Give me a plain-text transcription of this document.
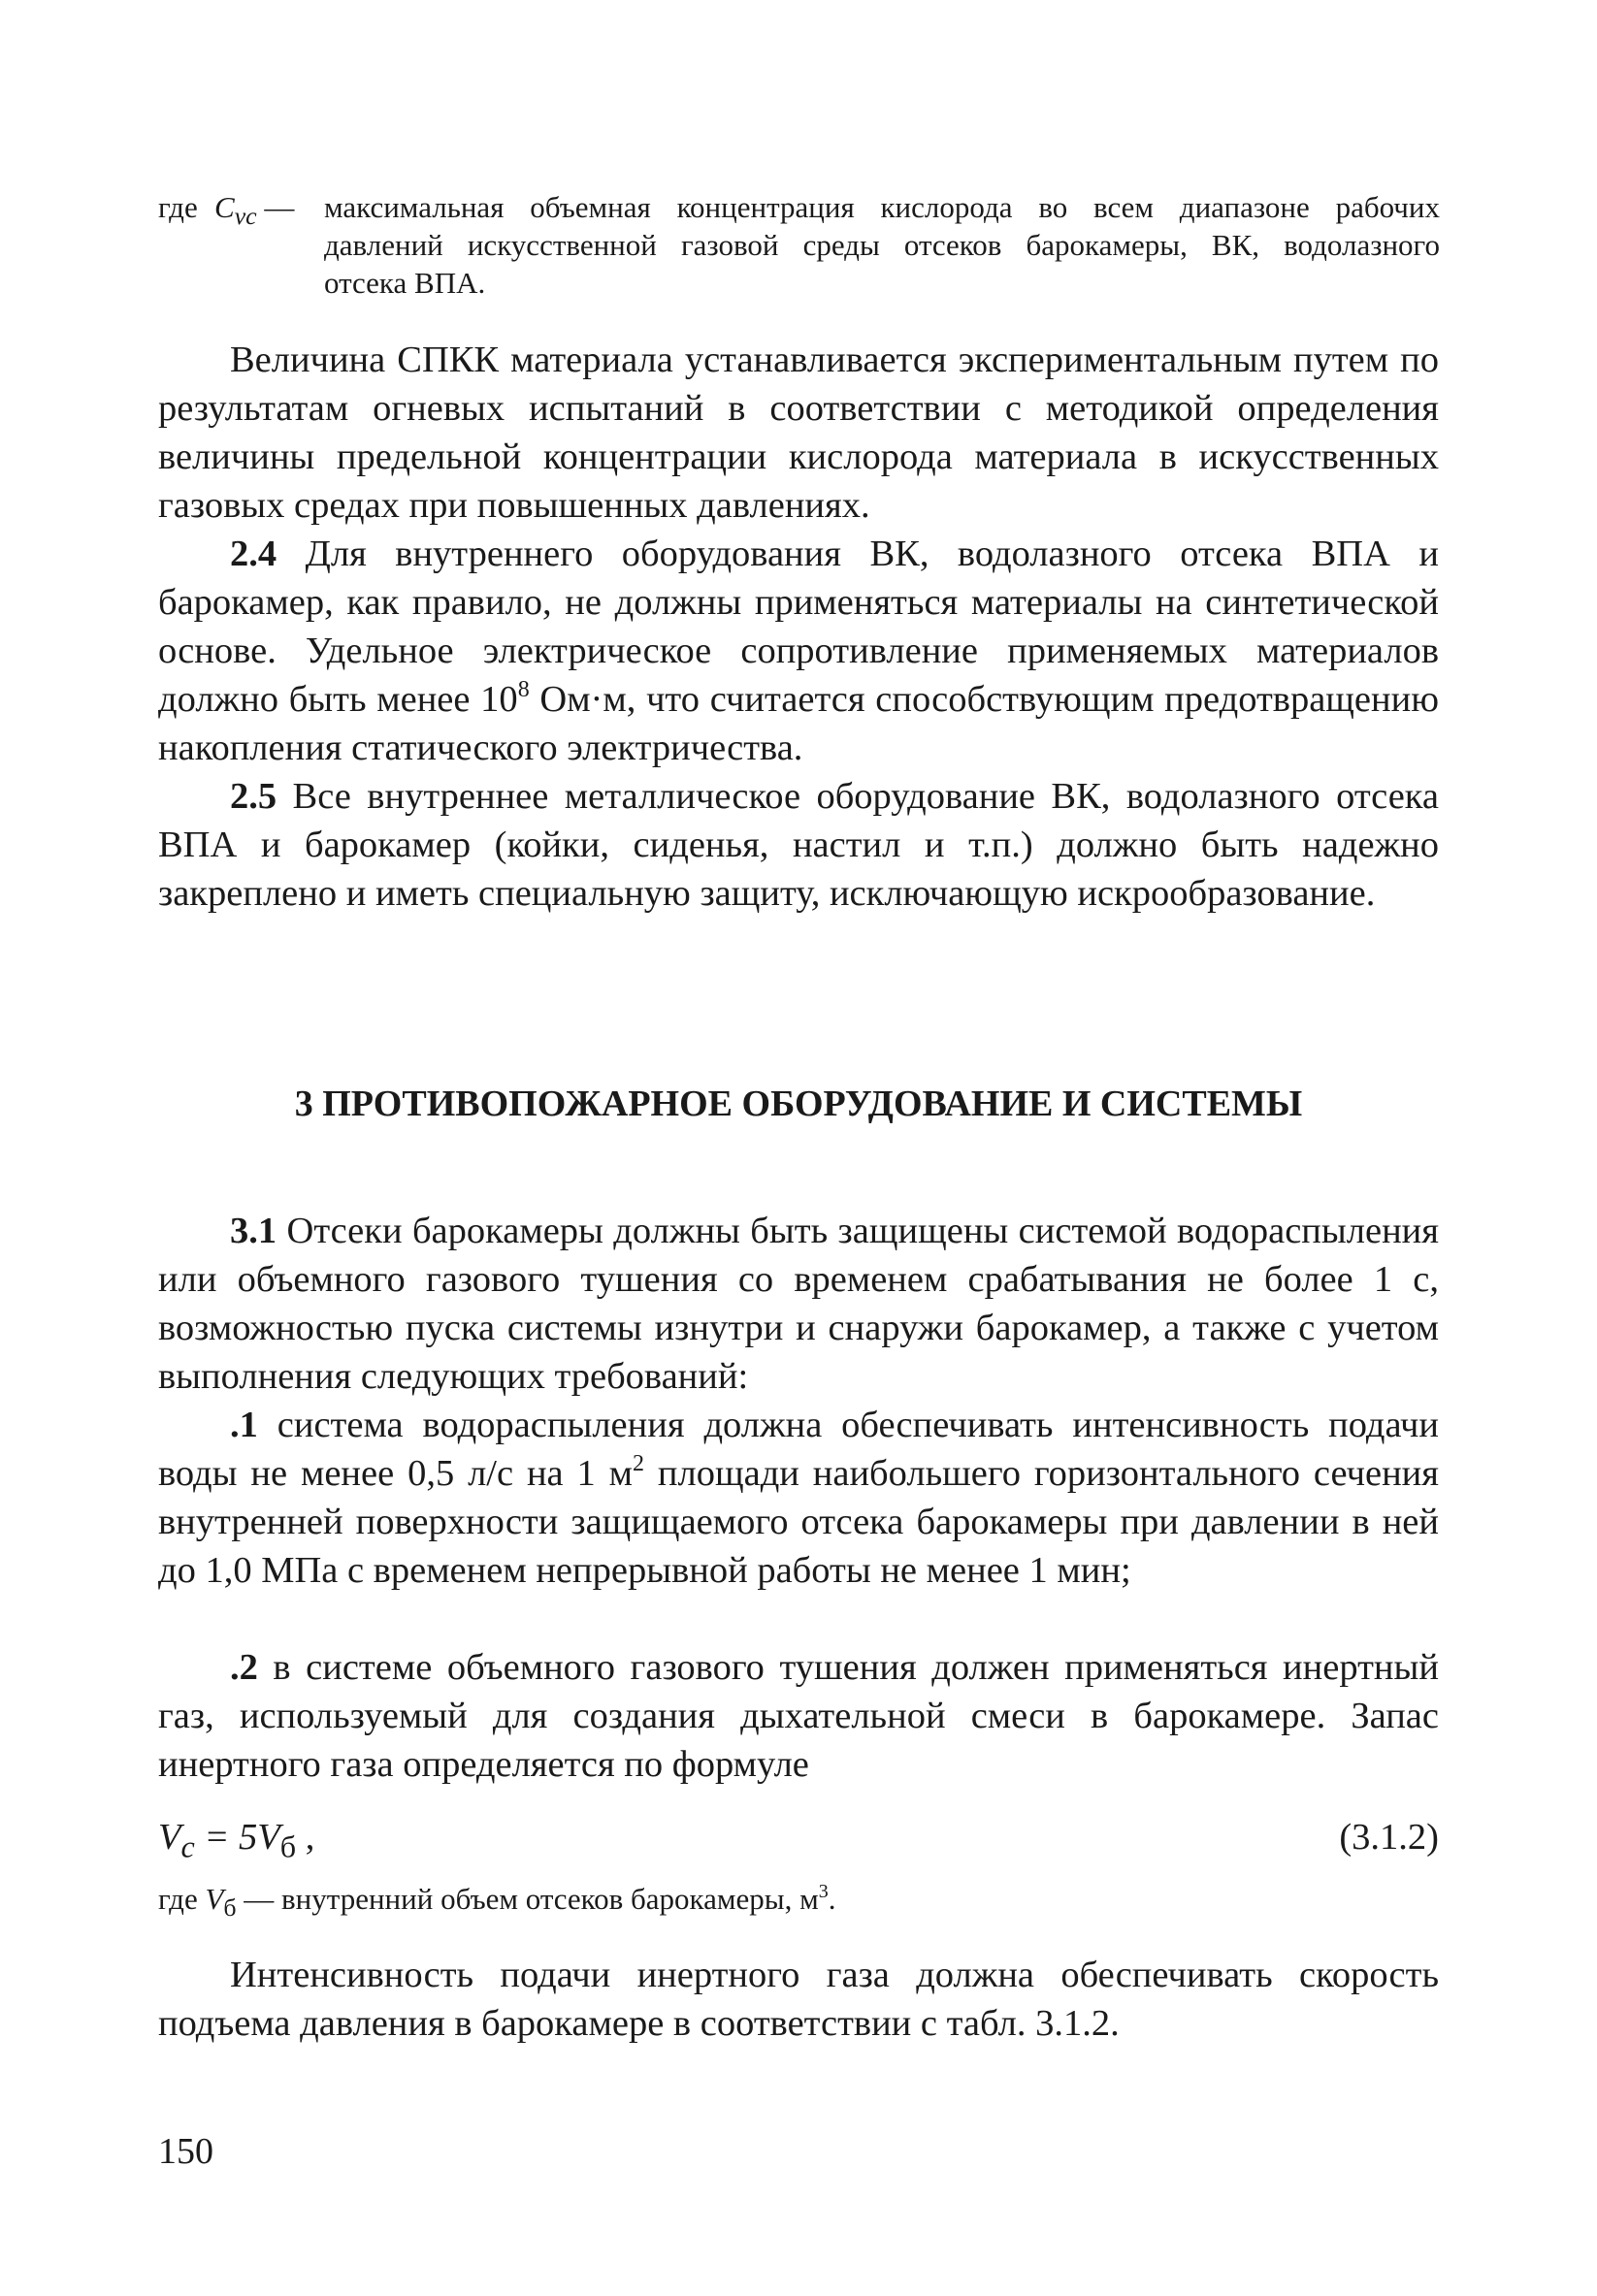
где $C_{vc}$ — максимальная объемная концентрация кислорода во всем диапазоне рабочих
давлений искусственной газовой среды отсеков барокамеры, ВК, водолазного
отсека ВПА.

Величина СПКК материала устанавливается экспериментальным путем по результатам огневых испытаний в соответствии с методикой определения величины предельной концентрации кислорода материала в искусственных газовых средах при повышенных давлениях.

2.4 Для внутреннего оборудования ВК, водолазного отсека ВПА и барокамер, как правило, не должны применяться материалы на синтетической основе. Удельное электрическое сопротивление применяемых материалов должно быть менее $10^8$ Ом·м, что считается способствующим предотвращению накопления статического электричества.

2.5 Все внутреннее металлическое оборудование ВК, водолазного отсека ВПА и барокамер (койки, сиденья, настил и т.п.) должно быть надежно закреплено и иметь специальную защиту, исключающую искрообразование.

3 ПРОТИВОПОЖАРНОЕ ОБОРУДОВАНИЕ И СИСТЕМЫ

3.1 Отсеки барокамеры должны быть защищены системой водораспыления или объемного газового тушения со временем срабатывания не более 1 с, возможностью пуска системы изнутри и снаружи барокамер, а также с учетом выполнения следующих требований:

.1 система водораспыления должна обеспечивать интенсивность подачи воды не менее 0,5 л/с на 1 $м^2$ площади наибольшего горизонтального сечения внутренней поверхности защищаемого отсека барокамеры при давлении в ней до 1,0 МПа с временем непрерывной работы не менее 1 мин;

.2 в системе объемного газового тушения должен применяться инертный газ, используемый для создания дыхательной смеси в барокамере. Запас инертного газа определяется по формуле

$V_c = 5V_б$ ,	(3.1.2)
где $V_б$ — внутренний объем отсеков барокамеры, $м^3$.

Интенсивность подачи инертного газа должна обеспечивать скорость подъема давления в барокамере в соответствии с табл. 3.1.2.

150
